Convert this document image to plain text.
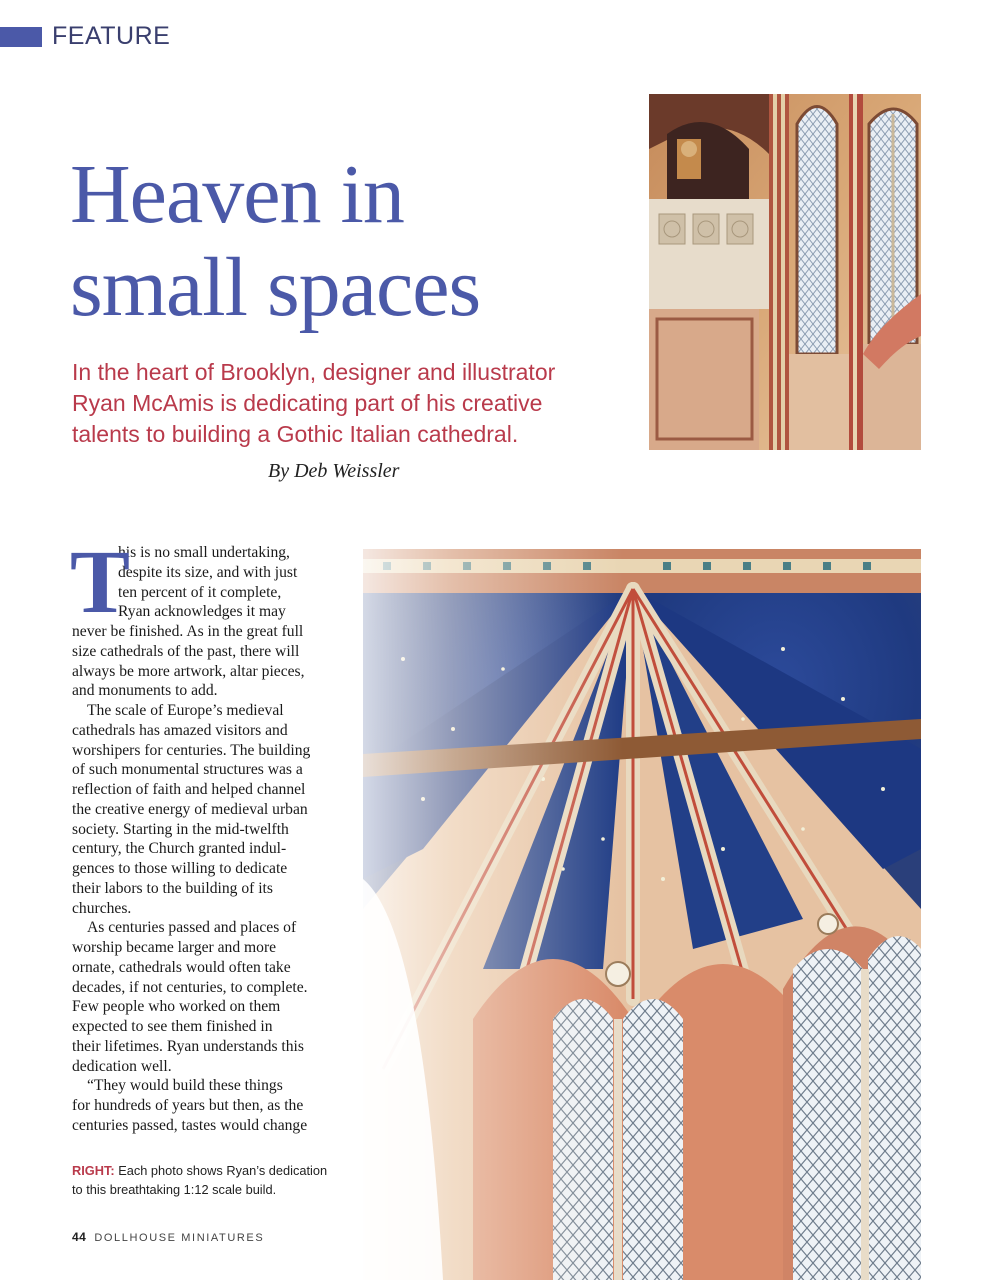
FEATURE
Heaven in
small spaces

In the heart of Brooklyn, designer and illustrator
Ryan McAmis is dedicating part of his creative
talents to building a Gothic Italian cathedral.

By Deb Weissler
T
his is no small undertaking,
despite its size, and with just
ten percent of it complete,
Ryan acknowledges it may
never be finished. As in the great full
size cathedrals of the past, there will
always be more artwork, altar pieces,
and monuments to add.
The scale of Europe’s medieval
cathedrals has amazed visitors and
worshipers for centuries. The building
of such monumental structures was a
reflection of faith and helped channel
the creative energy of medieval urban
society. Starting in the mid-twelfth
century, the Church granted indul-
gences to those willing to dedicate
their labors to the building of its
churches.
As centuries passed and places of
worship became larger and more
ornate, cathedrals would often take
decades, if not centuries, to complete.
Few people who worked on them
expected to see them finished in
their lifetimes. Ryan understands this
dedication well.
“They would build these things
for hundreds of years but then, as the
centuries passed, tastes would change
RIGHT: Each photo shows Ryan’s dedication
to this breathtaking 1:12 scale build.
44 DOLLHOUSE MINIATURES
